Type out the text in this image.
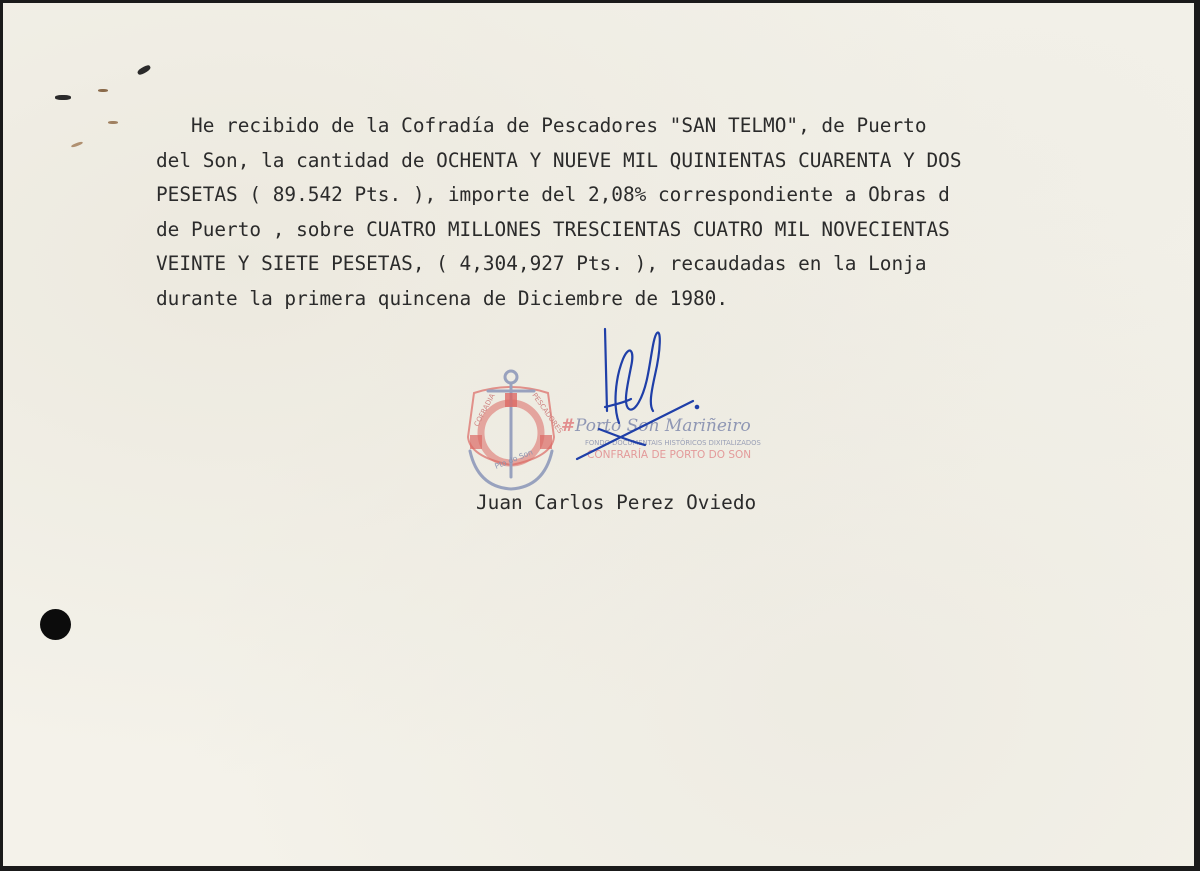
He recibido de la Cofradía de Pescadores "SAN TELMO", de Puerto
del Son, la cantidad de OCHENTA Y NUEVE MIL QUINIENTAS CUARENTA Y DOS
PESETAS ( 89.542 Pts. ), importe del 2,08% correspondiente a Obras d
de Puerto , sobre CUATRO MILLONES TRESCIENTAS CUATRO MIL NOVECIENTAS
VEINTE Y SIETE PESETAS, ( 4,304,927 Pts. ), recaudadas en la Lonja
durante la primera quincena de Diciembre de 1980.
COFRADIA	PESCADORES
Pto do Son
# Porto Son Mariñeiro
FONDO DOCUMENTAIS HISTÓRICOS DIXITALIZADOS
CONFRARÍA DE PORTO DO SON
Juan Carlos Perez Oviedo
